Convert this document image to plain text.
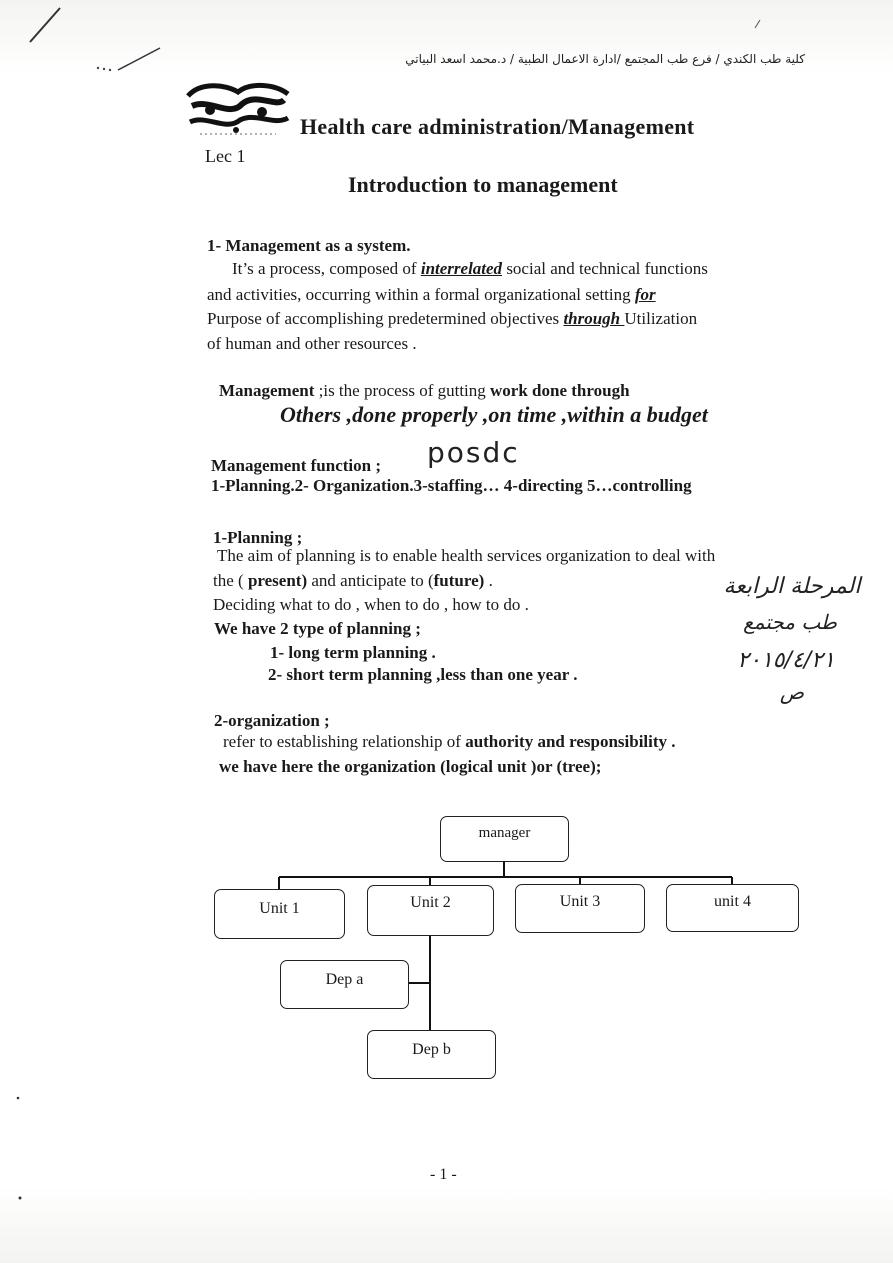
كلية طب الكندي / فرع طب المجتمع /ادارة الاعمال الطبية / د.محمد اسعد البياتي
Health care administration/Management
Lec 1
Introduction to management
1- Management as a system.
It’s a process, composed of interrelated social and technical functions
and activities, occurring within a formal organizational setting for
Purpose of accomplishing predetermined objectives through Utilization
of human and other resources .
Management ;is the process of gutting work done through
Others ,done properly ,on time ,within a budget
Management function ; posdc
1-Planning.2- Organization.3-staffing… 4-directing 5…controlling
1-Planning ;
The aim of planning is to enable health services organization to deal with
the ( present) and anticipate to (future) .
Deciding what to do , when to do , how to do .
We have 2 type of planning ;
1- long term planning .
2- short term planning ,less than one year .
المرحلة الرابعة
طب مجتمع
٢٠١٥/٤/٢١
ص
2-organization ;
refer to establishing relationship of authority and responsibility .
we have here the organization (logical unit )or (tree);
manager
Unit 1	Unit 2	Unit 3	unit 4
Dep a
Dep b
- 1 -
